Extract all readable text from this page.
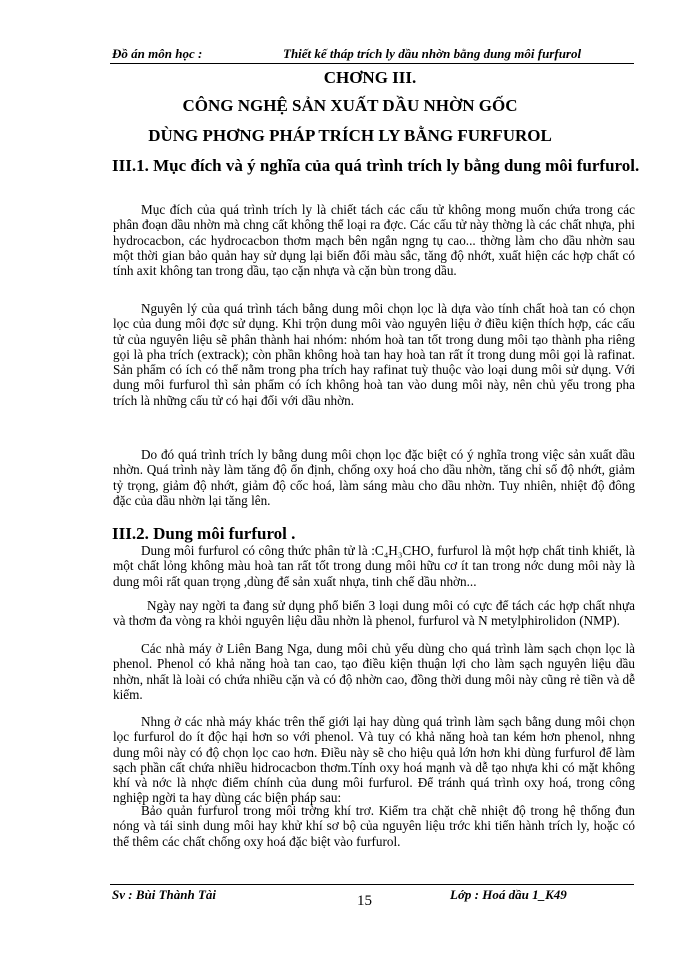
Đồ án môn học :	Thiết kế tháp trích ly dầu nhờn bằng dung môi furfurol
CHƠNG III.
CÔNG NGHỆ SẢN XUẤT DẦU NHỜN GỐC
DÙNG PHƠNG PHÁP TRÍCH LY BẰNG FURFUROL
III.1. Mục đích và ý nghĩa của quá trình trích ly bằng dung môi furfurol.
Mục đích của quá trình trích ly là chiết tách các cấu tử không mong muốn chứa trong các phân đoạn dầu nhờn mà chng cất không thể loại ra đợc. Các cấu tử này thờng là các chất nhựa, phi hydrocacbon, các hydrocacbon thơm mạch bên ngắn ngng tụ cao... thờng làm cho dầu nhờn sau một thời gian bảo quản hay sử dụng lại biến đổi màu sắc, tăng độ nhớt, xuất hiện các hợp chất có tính axit không tan trong dầu, tạo cặn nhựa và cặn bùn trong dầu.
Nguyên lý của quá trình tách bằng dung môi chọn lọc là dựa vào tính chất hoà tan có chọn lọc của dung môi đợc sử dụng. Khi trộn dung môi vào nguyên liệu ở điều kiện thích hợp, các cấu tử của nguyên liệu sẽ phân thành hai nhóm: nhóm hoà tan tốt trong dung môi tạo thành pha riêng gọi là pha trích (extrack); còn phần không hoà tan hay hoà tan rất ít trong dung môi gọi là rafinat. Sản phẩm có ích có thể nằm trong pha trích hay rafinat tuỳ thuộc vào loại dung môi sử dụng. Với dung môi furfurol thì sản phẩm có ích không hoà tan vào dung môi này, nên chủ yếu trong pha trích là những cấu tử có hại đối với dầu nhờn.
Do đó quá trình trích ly bằng dung môi chọn lọc đặc biệt có ý nghĩa trong việc sản xuất dầu nhờn. Quá trình này làm tăng độ ổn định, chống oxy hoá cho dầu nhờn, tăng chỉ số độ nhớt, giảm tỷ trọng, giảm độ nhớt, giảm độ cốc hoá, làm sáng màu cho dầu nhờn. Tuy nhiên, nhiệt độ đông đặc của dầu nhờn lại tăng lên.
III.2. Dung môi furfurol .
Dung môi furfurol có công thức phân tử là :C₄H₃CHO, furfurol là một hợp chất tinh khiết, là một chất lỏng không màu hoà tan rất tốt trong dung môi hữu cơ ít tan trong nớc dung môi này là dung môi rất quan trọng ,dùng để sản xuất nhựa, tinh chế dầu nhờn...
Ngày nay ngời ta đang sử dụng phổ biến 3 loại dung môi có cực để tách các hợp chất nhựa và thơm đa vòng ra khỏi nguyên liệu dầu nhờn là phenol, furfurol và N metylphirolidon (NMP).
Các nhà máy ở Liên Bang Nga, dung môi chủ yếu dùng cho quá trình làm sạch chọn lọc là phenol. Phenol có khả năng hoà tan cao, tạo điều kiện thuận lợi cho làm sạch nguyên liệu dầu nhờn, nhất là loài có chứa nhiều cặn và có độ nhờn cao, đồng thời dung môi này cũng rẻ tiền và dễ kiếm.
Nhng ở các nhà máy khác trên thế giới lại hay dùng quá trình làm sạch bằng dung môi chọn lọc furfurol do ít độc hại hơn so với phenol. Và tuy có khả năng hoà tan kém hơn phenol, nhng dung môi này có độ chọn lọc cao hơn. Điều này sẽ cho hiệu quả lớn hơn khi dùng furfurol để làm sạch phần cất chứa nhiều hidrocacbon thơm.Tính oxy hoá mạnh và dễ tạo nhựa khi có mặt không khí và nớc là nhợc điểm chính của dung môi furfurol. Để tránh quá trình oxy hoá, trong công nghiệp ngời ta hay dùng các biện pháp sau:
Bảo quản furfurol trong môi trờng khí trơ. Kiểm tra chặt chẽ nhiệt độ trong hệ thống đun nóng và tái sinh dung môi hay khử khí sơ bộ của nguyên liệu trớc khi tiến hành trích ly, hoặc có thể thêm các chất chống oxy hoá đặc biệt vào furfurol.
Sv : Bùi Thành Tài	15	Lớp : Hoá dầu 1_K49
